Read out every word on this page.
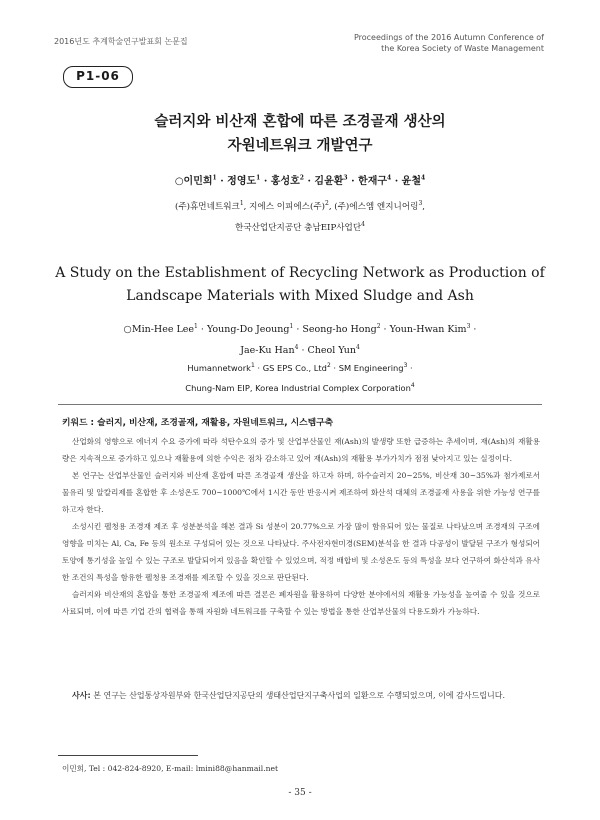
2016년도 추계학술연구발표회 논문집	Proceedings of the 2016 Autumn Conference of
the Korea Society of Waste Management
P1-06
슬러지와 비산재 혼합에 따른 조경골재 생산의
자원네트워크 개발연구
○이민희$^1$ · 정영도$^1$ · 홍성호$^2$ · 김윤환$^3$ · 한재구$^4$ · 윤철$^4$
(주)휴먼네트워크$^1$, 지에스 이피에스(주)$^2$, (주)에스엠 엔지니어링$^3$,
한국산업단지공단 충남EIP사업단$^4$
A Study on the Establishment of Recycling Network as Production of
Landscape Materials with Mixed Sludge and Ash
○Min-Hee Lee$^1$ · Young-Do Jeoung$^1$ · Seong-ho Hong$^2$ · Youn-Hwan Kim$^3$ ·
Jae-Ku Han$^4$ · Cheol Yun$^4$
Humannetwork$^1$ · GS EPS Co., Ltd$^2$ · SM Engineering$^3$ ·
Chung-Nam EIP, Korea Industrial Complex Corporation$^4$
키워드 : 슬러지, 비산재, 조경골재, 재활용, 자원네트워크, 시스템구축

산업화의 영향으로 에너지 수요 증가에 따라 석탄수요의 증가 및 산업부산물인 재(Ash)의 발생량 또한 급증하는 추세이며, 재(Ash)의 재활용량은 지속적으로 증가하고 있으나 재활용에 의한 수익은 점차 감소하고 있어 재(Ash)의 재활용 부가가치가 점점 낮아지고 있는 실정이다.

본 연구는 산업부산물인 슬러지와 비산재 혼합에 따른 조경골재 생산을 하고자 하며, 하수슬러지 20~25%, 비산재 30~35%과 첨가제로서 물유리 및 알칼리제를 혼합한 후 소성온도 700~1000℃에서 1시간 동안 반응시켜 제조하여 화산석 대체의 조경골재 사용을 위한 가능성 연구를 하고자 한다.

소성시킨 펠청용 조경재 제조 후 성분분석을 해본 결과 Si 성분이 20.77%으로 가장 많이 함유되어 있는 물질로 나타났으며 조경재의 구조에 영향을 미치는 Al, Ca, Fe 등의 원소로 구성되어 있는 것으로 나타났다. 주사전자현미경(SEM)분석을 한 결과 다공성이 발달된 구조가 형성되어 토양에 통기성을 높일 수 있는 구조로 발달되어져 있음을 확인할 수 있었으며, 적정 배합비 및 소성온도 등의 특성을 보다 연구하여 화산석과 유사한 조건의 특성을 함유한 펠청용 조경재를 제조할 수 있을 것으로 판단된다.

슬러지와 비산재의 혼합을 통한 조경골재 제조에 따른 결론은 폐자원을 활용하여 다양한 분야에서의 재활용 가능성을 높여줄 수 있을 것으로 사료되며, 이에 따른 기업 간의 협력을 통해 자원화 네트워크를 구축할 수 있는 방법을 통한 산업부산물의 다용도화가 가능하다.

사사: 본 연구는 산업통상자원부와 한국산업단지공단의 생태산업단지구축사업의 일환으로 수행되었으며, 이에 감사드립니다.
이민희, Tel : 042-824-8920, E-mail: lmini88@hanmail.net
- 35 -
